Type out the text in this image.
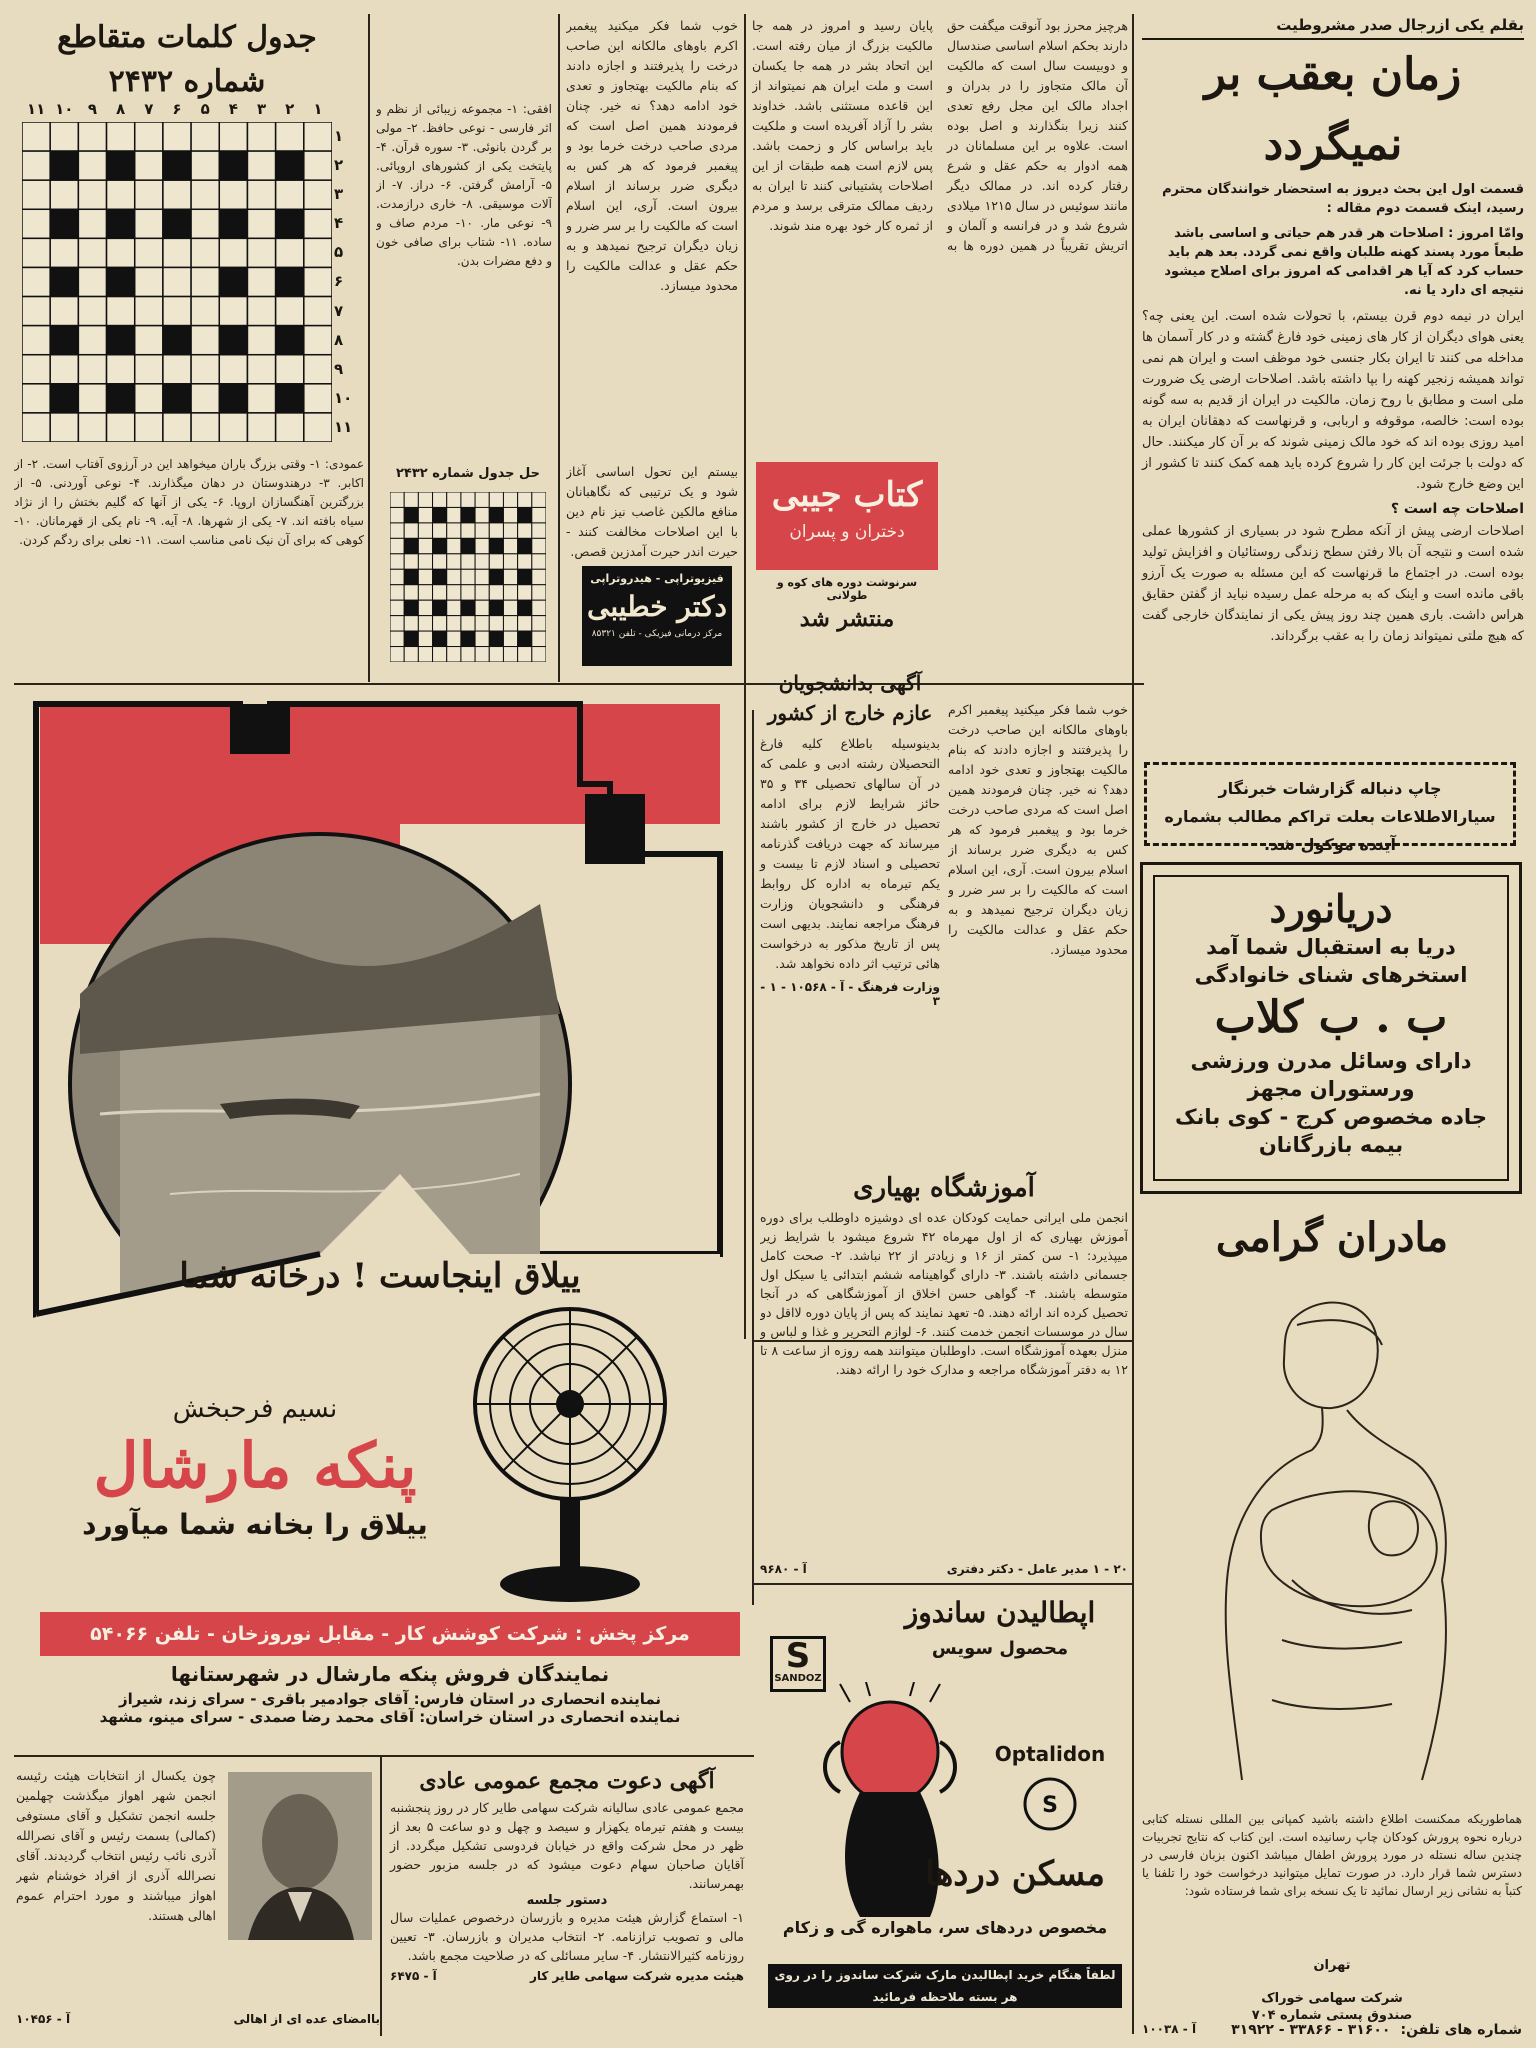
بقلم یکی ازرجال صدر مشروطیت
زمان بعقب بر نمیگردد
قسمت اول این بحث دیروز به استحضار خوانندگان محترم رسید، اینک قسمت دوم مقاله :
وامّا امروز : اصلاحات هر قدر هم حیاتی و اساسی باشد طبعاً مورد پسند کهنه طلبان واقع نمی گردد. بعد هم باید حساب کرد که آیا هر اقدامی که امروز برای اصلاح میشود نتیجه ای دارد یا نه.
ایران در نیمه دوم قرن بیستم، با تحولات شده است. این یعنی چه؟ یعنی هوای دیگران از کار های زمینی خود فارغ گشته و در کار آسمان ها مداخله می کنند تا ایران بکار جنسی خود موظف است و ایران هم نمی تواند همیشه زنجیر کهنه را بپا داشته باشد. اصلاحات ارضی یک ضرورت ملی است و مطابق با روح زمان. مالکیت در ایران از قدیم به سه گونه بوده است: خالصه، موقوفه و اربابی، و قرنهاست که دهقانان ایران به امید روزی بوده اند که خود مالک زمینی شوند که بر آن کار میکنند. حال که دولت با جرئت این کار را شروع کرده باید همه کمک کنند تا کشور از این وضع خارج شود.
اصلاحات چه است ؟
اصلاحات ارضی پیش از آنکه مطرح شود در بسیاری از کشورها عملی شده است و نتیجه آن بالا رفتن سطح زندگی روستائیان و افزایش تولید بوده است. در اجتماع ما قرنهاست که این مسئله به صورت یک آرزو باقی مانده است و اینک که به مرحله عمل رسیده نباید از گفتن حقایق هراس داشت. باری همین چند روز پیش یکی از نمایندگان خارجی گفت که هیچ ملتی نمیتواند زمان را به عقب برگرداند.
چاپ دنباله گزارشات خبرنگار سیارالاطلاعات بعلت تراکم مطالب بشماره آینده موکول شد.
دریانورد
دریا به استقبال شما آمد
استخرهای شنای خانوادگی
ب . ب کلاب
دارای وسائل مدرن ورزشی
ورستوران مجهز
جاده مخصوص کرج - کوی بانک
بیمه بازرگانان
مادران گرامی
هماطوریکه ممکنست اطلاع داشته باشید کمپانی بین المللی نستله کتابی درباره نحوه پرورش کودکان چاپ رسانیده است. این کتاب که نتایج تجربیات چندین ساله نستله در مورد پرورش اطفال میباشد اکنون بزبان فارسی در دسترس شما قرار دارد. در صورت تمایل میتوانید درخواست خود را تلفنا یا کتباً به نشانی زیر ارسال نمائید تا یک نسخه برای شما فرستاده شود:
شرکت سهامی خوراک
صندوق پستی شماره ۷۰۴
تهران
شماره های تلفن:
۳۱۶۰۰ - ۳۳۸۶۶ - ۳۱۹۲۲
آ - ۱۰۰۳۸
هرچیز محرز بود آنوقت میگفت حق دارند بحکم اسلام اساسی صندسال و دوبیست سال است که مالکیت آن مالک متجاوز را در بدران و اجداد مالک این مجل رفع تعدی کنند زیرا بنگذارند و اصل بوده است. علاوه بر این مسلمانان در همه ادوار به حکم عقل و شرع رفتار کرده اند. در ممالک دیگر مانند سوئیس در سال ۱۲۱۵ میلادی شروع شد و در فرانسه و آلمان و اتریش تقریباً در همین دوره ها به پایان رسید و امروز در همه جا مالکیت بزرگ از میان رفته است. این اتحاد بشر در همه جا یکسان است و ملت ایران هم نمیتواند از این قاعده مستثنی باشد. خداوند بشر را آزاد آفریده است و ملکیت باید براساس کار و زحمت باشد. پس لازم است همه طبقات از این اصلاحات پشتیبانی کنند تا ایران به ردیف ممالک مترقی برسد و مردم از ثمره کار خود بهره مند شوند.
خوب شما فکر میکنید پیغمبر اکرم باوهای مالکانه این صاحب درخت را پذیرفتند و اجازه دادند که بنام مالکیت بهتجاوز و تعدی خود ادامه دهد؟ نه خیر. چنان فرمودند همین اصل است که مردی صاحب درخت خرما بود و پیغمبر فرمود که هر کس به دیگری ضرر برساند از اسلام بیرون است. آری، این اسلام است که مالکیت را بر سر ضرر و زیان دیگران ترجیح نمیدهد و به حکم عقل و عدالت مالکیت را محدود میسازد.
بیستم این تحول اساسی آغاز شود و یک ترتیبی که نگاهبانان منافع مالکین غاصب نیز نام دین با این اصلاحات مخالفت کنند - حیرت اندر حیرت آمدزین قصص.
فیزیوتراپی - هیدروتراپی
دکتر خطیبی
مرکز درمانی فیزیکی - تلفن ۸۵۳۲۱
جدول کلمات متقاطع شماره ۲۴۳۲
۱۱ ۱۰ ۹	۸	۷	۶	۵	۴	۳	۲	۱
۱
۲
۳
۴
۵
۶
۷
۸
۹
۱۰
۱۱
عمودی: ۱- وقتی بزرگ باران میخواهد این در آرزوی آفتاب است. ۲- از اکابر. ۳- درهندوستان در دهان میگذارند. ۴- نوعی آوردنی. ۵- از بزرگترین آهنگسازان اروپا. ۶- یکی از آنها که گلیم بختش را از نژاد سیاه بافته اند. ۷- یکی از شهرها. ۸- آیه. ۹- نام یکی از قهرمانان. ۱۰- کوهی که برای آن نیک نامی مناسب است. ۱۱- نعلی برای ردگم کردن.
افقی: ۱- مجموعه زیبائی از نظم و اثر فارسی - نوعی حافظ. ۲- مولی بر گردن بانوئی. ۳- سوره قرآن. ۴- پایتخت یکی از کشورهای اروپائی. ۵- آرامش گرفتن. ۶- دراز. ۷- از آلات موسیقی. ۸- خاری درازمدت. ۹- نوعی مار. ۱۰- مردم صاف و ساده. ۱۱- شتاب برای صافی خون و دفع مضرات بدن.
حل جدول شماره ۲۴۳۲
کتاب جیبی
دختران و پسران
سرنوشت دوره های کوه و طولانی
منتشر شد
آگهی بدانشجویان عازم خارج از کشور
بدینوسیله باطلاع کلیه فارغ التحصیلان رشته ادبی و علمی که در آن سالهای تحصیلی ۳۴ و ۳۵ حائز شرایط لازم برای ادامه تحصیل در خارج از کشور باشند میرساند که جهت دریافت گذرنامه تحصیلی و اسناد لازم تا بیست و یکم تیرماه به اداره کل روابط فرهنگی و دانشجویان وزارت فرهنگ مراجعه نمایند. بدیهی است پس از تاریخ مذکور به درخواست هائی ترتیب اثر داده نخواهد شد.
وزارت فرهنگ - آ - ۱۰۵۶۸ - ۱ - ۳
خوب شما فکر میکنید پیغمبر اکرم باوهای مالکانه این صاحب درخت را پذیرفتند و اجازه دادند که بنام مالکیت بهتجاوز و تعدی خود ادامه دهد؟ نه خیر. چنان فرمودند همین اصل است که مردی صاحب درخت خرما بود و پیغمبر فرمود که هر کس به دیگری ضرر برساند از اسلام بیرون است. آری، این اسلام است که مالکیت را بر سر ضرر و زیان دیگران ترجیح نمیدهد و به حکم عقل و عدالت مالکیت را محدود میسازد.
آموزشگاه بهیاری
انجمن ملی ایرانی حمایت کودکان عده ای دوشیزه داوطلب برای دوره آموزش بهیاری که از اول مهرماه ۴۲ شروع میشود با شرایط زیر میپذیرد: ۱- سن کمتر از ۱۶ و زیادتر از ۲۲ نباشد. ۲- صحت کامل جسمانی داشته باشند. ۳- دارای گواهینامه ششم ابتدائی یا سیکل اول متوسطه باشند. ۴- گواهی حسن اخلاق از آموزشگاهی که در آنجا تحصیل کرده اند ارائه دهند. ۵- تعهد نمایند که پس از پایان دوره لااقل دو سال در موسسات انجمن خدمت کنند. ۶- لوازم التحریر و غذا و لباس و منزل بعهده آموزشگاه است. داوطلبان میتوانند همه روزه از ساعت ۸ تا ۱۲ به دفتر آموزشگاه مراجعه و مدارک خود را ارائه دهند.
۲۰ - ۱ مدیر عامل - دکتر دفتری
آ - ۹۶۸۰
ییلاق اینجاست ! درخانه شما
نسیم فرحبخش
پنکه مارشال
ییلاق را بخانه شما میآورد
مرکز پخش : شرکت کوشش کار - مقابل نوروزخان - تلفن ۵۴۰۶۶
نمایندگان فروش پنکه مارشال در شهرستانها
نماینده انحصاری در استان فارس: آقای جوادمیر باقری - سرای زند، شیراز
نماینده انحصاری در استان خراسان: آقای محمد رضا صمدی - سرای مینو، مشهد
چون یکسال از انتخابات هیئت رئیسه انجمن شهر اهواز میگذشت چهلمین جلسه انجمن تشکیل و آقای مستوفی (کمالی) بسمت رئیس و آقای نصرالله آذری نائب رئیس انتخاب گردیدند. آقای نصرالله آذری از افراد خوشنام شهر اهواز میباشند و مورد احترام عموم اهالی هستند.
باامضای عده ای از اهالی
آ - ۱۰۴۵۶
آگهی دعوت مجمع عمومی عادی
مجمع عمومی عادی سالیانه شرکت سهامی طایر کار در روز پنجشنبه بیست و هفتم تیرماه یکهزار و سیصد و چهل و دو ساعت ۵ بعد از ظهر در محل شرکت واقع در خیابان فردوسی تشکیل میگردد. از آقایان صاحبان سهام دعوت میشود که در جلسه مزبور حضور بهمرسانند.
دستور جلسه
۱- استماع گزارش هیئت مدیره و بازرسان درخصوص عملیات سال مالی و تصویب ترازنامه. ۲- انتخاب مدیران و بازرسان. ۳- تعیین روزنامه کثیرالانتشار. ۴- سایر مسائلی که در صلاحیت مجمع باشد.
هیئت مدیره شرکت سهامی طایر کار
آ - ۶۴۷۵
اپطالیدن ساندوز
محصول سویس
S
SANDOZ
Optalidon
S
مسکن دردها
مخصوص دردهای سر، ماهواره گی و زکام
لطفاً هنگام خرید اپطالیدن مارک شرکت ساندوز را در روی هر بسته ملاحظه فرمائید
